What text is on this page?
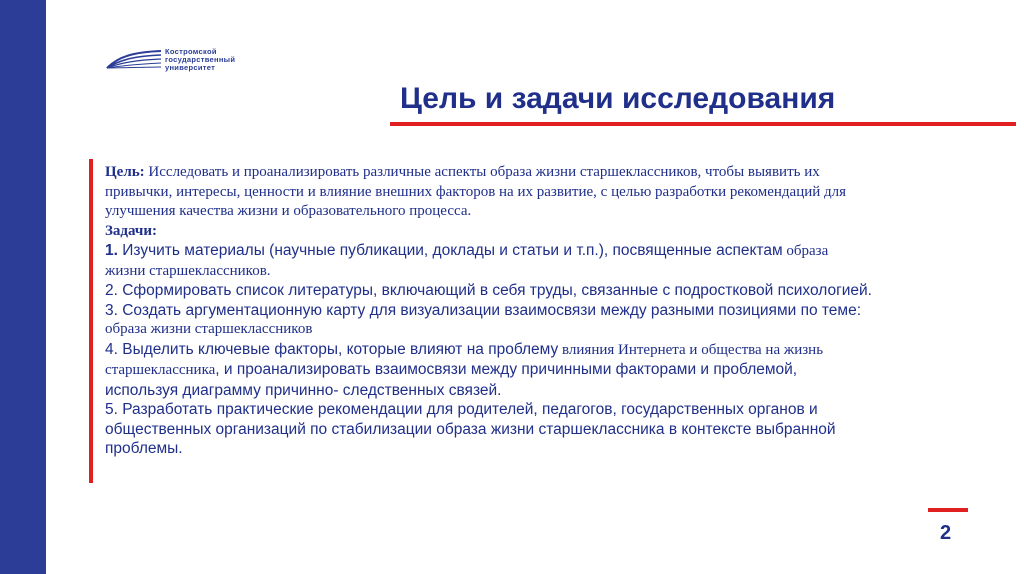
Костромской
государственный
университет
Цель и задачи исследования
Цель: Исследовать и проанализировать различные аспекты образа жизни старшеклассников, чтобы выявить их
привычки, интересы, ценности и влияние внешних факторов на их развитие, с целью разработки рекомендаций для
улучшения качества жизни и образовательного процесса.
Задачи:
1. Изучить материалы (научные публикации, доклады и статьи и т.п.), посвященные аспектам образа
жизни старшеклассников.
2. Сформировать список литературы, включающий в себя труды, связанные с подростковой психологией.
3. Создать аргументационную карту для визуализации взаимосвязи между разными позициями по теме:
образа жизни старшеклассников
4. Выделить ключевые факторы, которые влияют на проблему влияния Интернета и общества на жизнь
старшеклассника, и проанализировать взаимосвязи между причинными факторами и проблемой,
используя диаграмму причинно- следственных связей.
5. Разработать практические рекомендации для родителей, педагогов, государственных органов и
общественных организаций по стабилизации образа жизни старшеклассника в контексте выбранной
проблемы.
2
